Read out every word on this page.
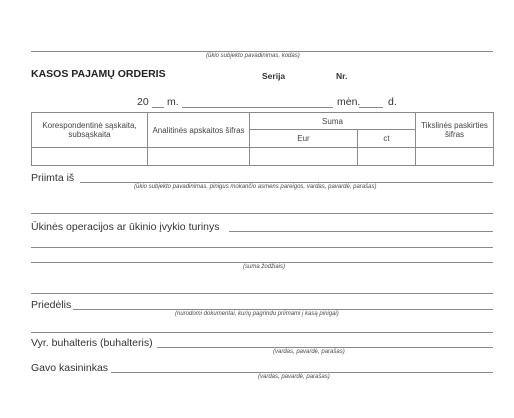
(ūkio subjekto pavadinimas, kodas)
KASOS PAJAMŲ ORDERIS	Serija	Nr.
20 m.	mėn.	d.
Korespondentinė sąskaita, subsąskaita	Analitinės apskaitos šifras	Suma		Tikslinės paskirties šifras
		Eur	ct	

Priimta iš
(ūkio subjekto pavadinimas, pinigus mokančio asmens pareigos, vardas, pavardė, parašas)
Ūkinės operacijos ar ūkinio įvykio turinys
(suma žodžiais)
Priedėlis
(nurodomi dokumentai, kurių pagrindu priimami į kasą pinigai)
Vyr. buhalteris (buhalteris)
(vardas, pavardė, parašas)
Gavo kasininkas
(vardas, pavardė, parašas)
